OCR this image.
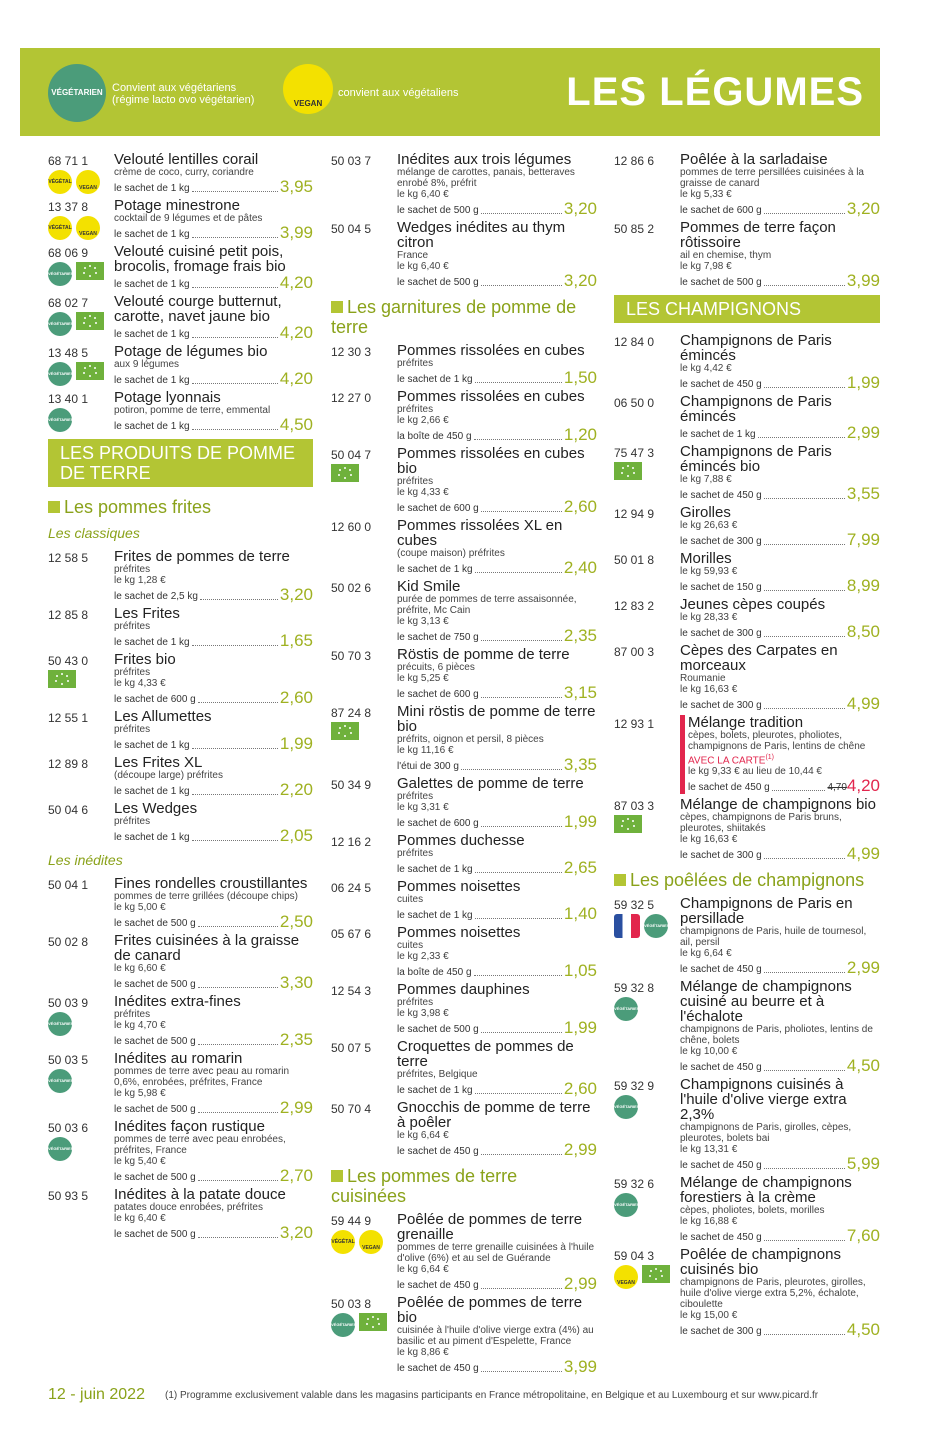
VÉGÉTARIEN Convient aux végétariens (régime lacto ovo végétarien)	VEGAN
convient aux végétaliens	LES LÉGUMES
68 71 1
VÉGÉTAL
VEGAN
Velouté lentilles corail
crème de coco, curry, coriandre
le sachet de 1 kg	3,95
13 37 8
VÉGÉTAL
VEGAN
Potage minestrone
cocktail de 9 légumes et de pâtes
le sachet de 1 kg	3,99
68 06 9
VÉGÉTARIEN
Velouté cuisiné petit pois, brocolis, fromage frais bio
le sachet de 1 kg	4,20
68 02 7
VÉGÉTARIEN
Velouté courge butternut, carotte, navet jaune bio
le sachet de 1 kg	4,20
13 48 5
VÉGÉTARIEN
Potage de légumes bio
aux 9 légumes
le sachet de 1 kg	4,20
13 40 1
VÉGÉTARIEN
Potage lyonnais
potiron, pomme de terre, emmental
le sachet de 1 kg	4,50
LES PRODUITS DE POMME DE TERRE
Les pommes frites
Les classiques
12 58 5 Frites de pommes de terre
préfrites
le kg 1,28 €
le sachet de 2,5 kg	3,20
12 85 8 Les Frites
préfrites
le sachet de 1 kg	1,65
50 43 0 Frites bio
préfrites
le kg 4,33 €
le sachet de 600 g	2,60
12 55 1 Les Allumettes
préfrites
le sachet de 1 kg	1,99
12 89 8 Les Frites XL
(découpe large) préfrites
le sachet de 1 kg	2,20
50 04 6 Les Wedges
préfrites
le sachet de 1 kg	2,05
Les inédites
50 04 1 Fines rondelles croustillantes
pommes de terre grillées (découpe chips)
le kg 5,00 €
le sachet de 500 g	2,50
50 02 8 Frites cuisinées à la graisse de canard
le kg 6,60 €
le sachet de 500 g	3,30
50 03 9
VÉGÉTARIEN
Inédites extra-fines
préfrites
le kg 4,70 €
le sachet de 500 g	2,35
50 03 5
VÉGÉTARIEN
Inédites au romarin
pommes de terre avec peau au romarin 0,6%, enrobées, préfrites, France
le kg 5,98 €
le sachet de 500 g	2,99
50 03 6
VÉGÉTARIEN
Inédites façon rustique
pommes de terre avec peau enrobées, préfrites, France
le kg 5,40 €
le sachet de 500 g	2,70
50 93 5 Inédites à la patate douce
patates douce enrobées, préfrites
le kg 6,40 €
le sachet de 500 g	3,20
50 03 7 Inédites aux trois légumes
mélange de carottes, panais, betteraves enrobé 8%, préfrit
le kg 6,40 €
le sachet de 500 g	3,20
50 04 5 Wedges inédites au thym citron
France
le kg 6,40 €
le sachet de 500 g	3,20
Les garnitures de pomme de terre
12 30 3 Pommes rissolées en cubes
préfrites
le sachet de 1 kg	1,50
12 27 0 Pommes rissolées en cubes
préfrites
le kg 2,66 €
la boîte de 450 g	1,20
50 04 7 Pommes rissolées en cubes bio
préfrites
le kg 4,33 €
le sachet de 600 g	2,60
12 60 0 Pommes rissolées XL en cubes
(coupe maison) préfrites
le sachet de 1 kg	2,40
50 02 6 Kid Smile
purée de pommes de terre assaisonnée, préfrite, Mc Cain
le kg 3,13 €
le sachet de 750 g	2,35
50 70 3 Röstis de pomme de terre
précuits, 6 pièces
le kg 5,25 €
le sachet de 600 g	3,15
87 24 8 Mini röstis de pomme de terre bio
préfrits, oignon et persil, 8 pièces
le kg 11,16 €
l'étui de 300 g	3,35
50 34 9 Galettes de pomme de terre
préfrites
le kg 3,31 €
le sachet de 600 g	1,99
12 16 2 Pommes duchesse
préfrites
le sachet de 1 kg	2,65
06 24 5 Pommes noisettes
cuites
le sachet de 1 kg	1,40
05 67 6 Pommes noisettes
cuites
le kg 2,33 €
la boîte de 450 g	1,05
12 54 3 Pommes dauphines
préfrites
le kg 3,98 €
le sachet de 500 g	1,99
50 07 5 Croquettes de pommes de terre
préfrites, Belgique
le sachet de 1 kg	2,60
50 70 4 Gnocchis de pomme de terre à poêler
le kg 6,64 €
le sachet de 450 g	2,99
Les pommes de terre cuisinées
59 44 9
VÉGÉTAL
VEGAN
Poêlée de pommes de terre grenaille
pommes de terre grenaille cuisinées à l'huile d'olive (6%) et au sel de Guérande
le kg 6,64 €
le sachet de 450 g	2,99
50 03 8
VÉGÉTARIEN
Poêlée de pommes de terre bio
cuisinée à l'huile d'olive vierge extra (4%) au basilic et au piment d'Espelette, France
le kg 8,86 €
le sachet de 450 g	3,99
12 86 6 Poêlée à la sarladaise
pommes de terre persillées cuisinées à la graisse de canard
le kg 5,33 €
le sachet de 600 g	3,20
50 85 2 Pommes de terre façon rôtissoire
ail en chemise, thym
le kg 7,98 €
le sachet de 500 g	3,99
LES CHAMPIGNONS
12 84 0 Champignons de Paris émincés
le kg 4,42 €
le sachet de 450 g	1,99
06 50 0 Champignons de Paris émincés
le sachet de 1 kg	2,99
75 47 3 Champignons de Paris émincés bio
le kg 7,88 €
le sachet de 450 g	3,55
12 94 9 Girolles
le kg 26,63 €
le sachet de 300 g	7,99
50 01 8 Morilles
le kg 59,93 €
le sachet de 150 g	8,99
12 83 2 Jeunes cèpes coupés
le kg 28,33 €
le sachet de 300 g	8,50
87 00 3 Cèpes des Carpates en morceaux
Roumanie
le kg 16,63 €
le sachet de 300 g	4,99
12 93 1 Mélange tradition
cèpes, bolets, pleurotes, pholiotes, champignons de Paris, lentins de chêne
AVEC LA CARTE$^{(1)}$
le kg 9,33 € au lieu de 10,44 €
le sachet de 450 g	4,70 4,20
87 03 3 Mélange de champignons bio
cèpes, champignons de Paris bruns, pleurotes, shiitakés
le kg 16,63 €
le sachet de 300 g	4,99
Les poêlées de champignons
59 32 5
VÉGÉTARIEN
Champignons de Paris en persillade
champignons de Paris, huile de tournesol, ail, persil
le kg 6,64 €
le sachet de 450 g	2,99
59 32 8
VÉGÉTARIEN
Mélange de champignons cuisiné au beurre et à l'échalote
champignons de Paris, pholiotes, lentins de chêne, bolets
le kg 10,00 €
le sachet de 450 g	4,50
59 32 9
VÉGÉTARIEN
Champignons cuisinés à l'huile d'olive vierge extra 2,3%
champignons de Paris, girolles, cèpes, pleurotes, bolets bai
le kg 13,31 €
le sachet de 450 g	5,99
59 32 6
VÉGÉTARIEN
Mélange de champignons forestiers à la crème
cèpes, pholiotes, bolets, morilles
le kg 16,88 €
le sachet de 450 g	7,60
59 04 3
VEGAN
Poêlée de champignons cuisinés bio
champignons de Paris, pleurotes, girolles, huile d'olive vierge extra 5,2%, échalote, ciboulette
le kg 15,00 €
le sachet de 300 g	4,50
12 - juin 2022 (1) Programme exclusivement valable dans les magasins participants en France métropolitaine, en Belgique et au Luxembourg et sur www.picard.fr
